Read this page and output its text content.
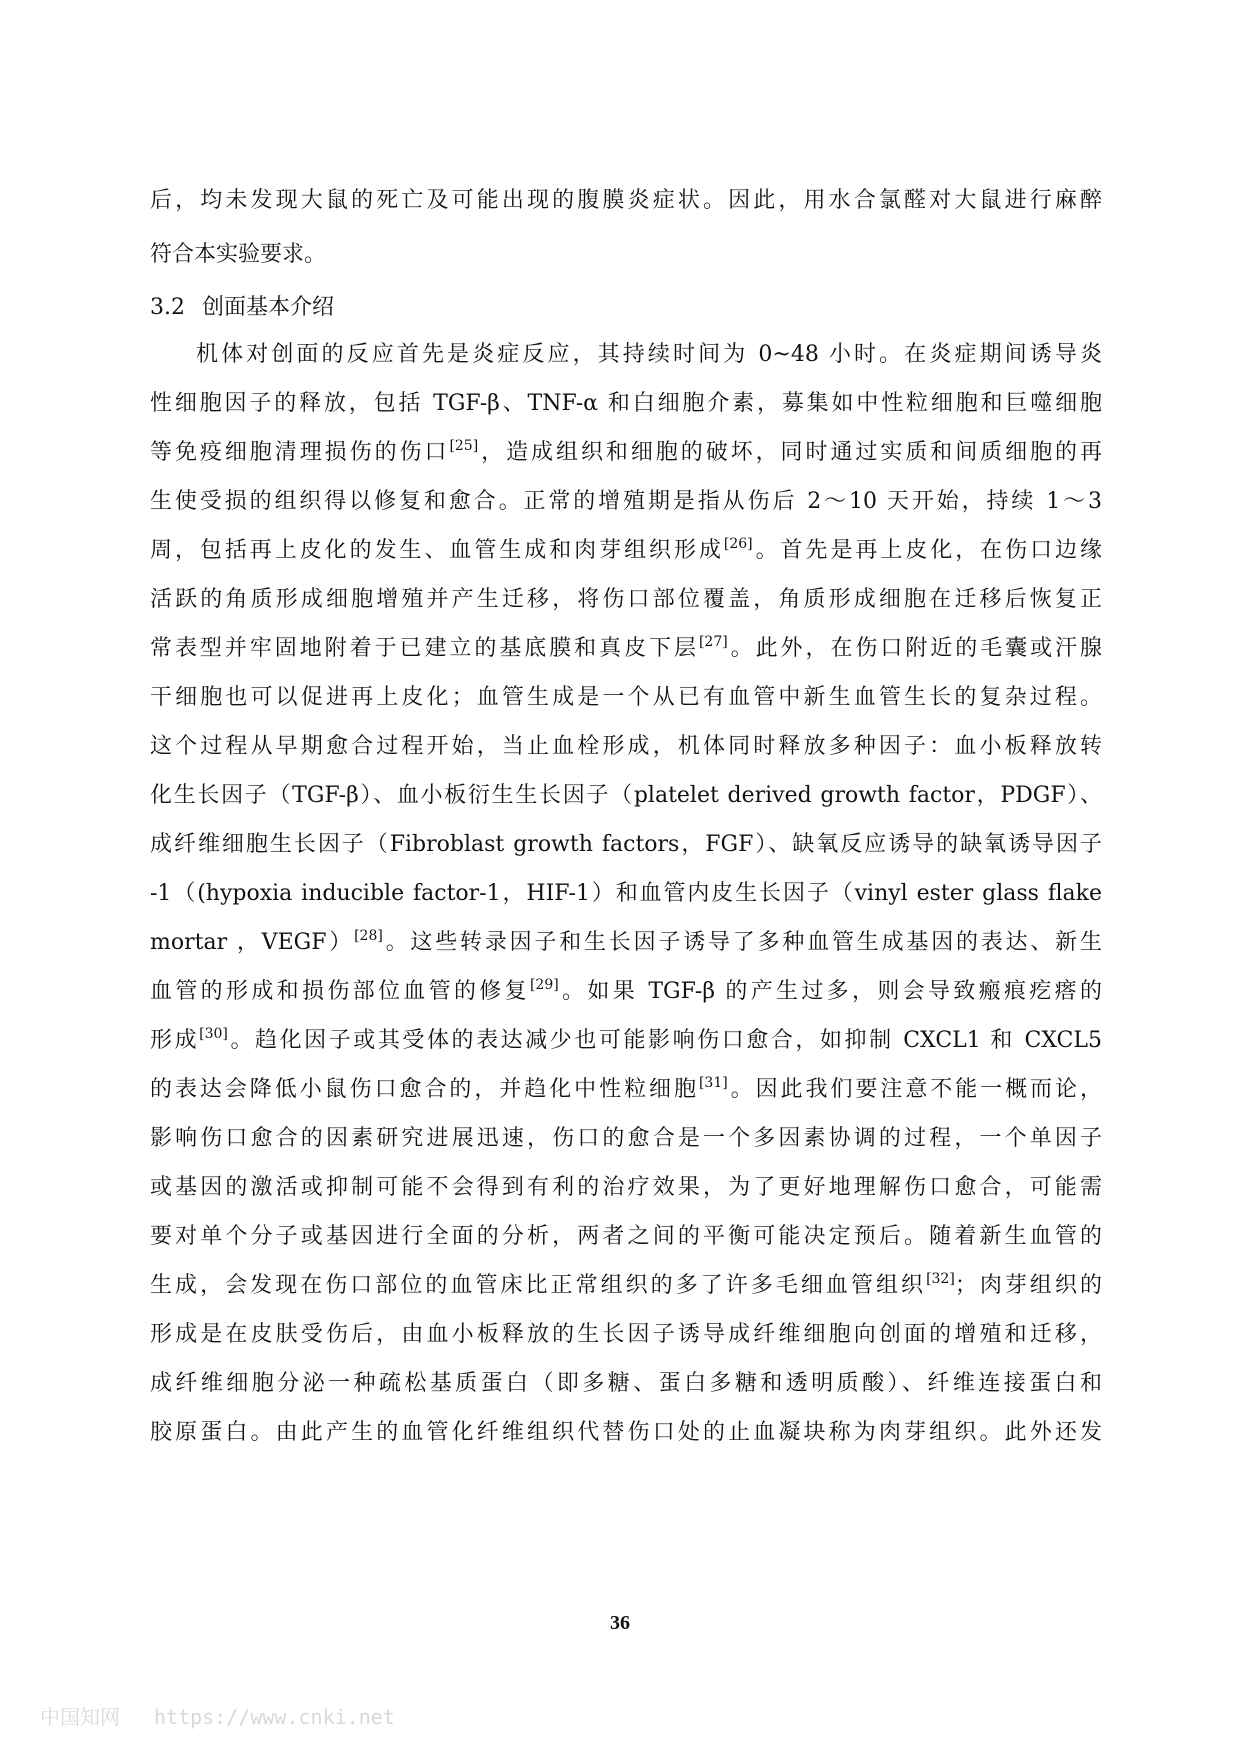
后，均未发现大鼠的死亡及可能出现的腹膜炎症状。因此，用水合氯醛对大鼠进行麻醉
符合本实验要求。
3.2 创面基本介绍
机体对创面的反应首先是炎症反应，其持续时间为 0~48 小时。在炎症期间诱导炎
性细胞因子的释放，包括 TGF-β、TNF-α 和白细胞介素，募集如中性粒细胞和巨噬细胞
等免疫细胞清理损伤的伤口[25]，造成组织和细胞的破坏，同时通过实质和间质细胞的再
生使受损的组织得以修复和愈合。正常的增殖期是指从伤后 2～10 天开始，持续 1～3
周，包括再上皮化的发生、血管生成和肉芽组织形成[26]。首先是再上皮化，在伤口边缘
活跃的角质形成细胞增殖并产生迁移，将伤口部位覆盖，角质形成细胞在迁移后恢复正
常表型并牢固地附着于已建立的基底膜和真皮下层[27]。此外，在伤口附近的毛囊或汗腺
干细胞也可以促进再上皮化；血管生成是一个从已有血管中新生血管生长的复杂过程。
这个过程从早期愈合过程开始，当止血栓形成，机体同时释放多种因子：血小板释放转
化生长因子（TGF-β）、血小板衍生生长因子（platelet derived growth factor，PDGF）、
成纤维细胞生长因子（Fibroblast growth factors，FGF）、缺氧反应诱导的缺氧诱导因子
-1（(hypoxia inducible factor-1，HIF-1）和血管内皮生长因子（vinyl ester glass flake
mortar ，VEGF）[28]。这些转录因子和生长因子诱导了多种血管生成基因的表达、新生
血管的形成和损伤部位血管的修复[29]。如果 TGF-β 的产生过多，则会导致瘢痕疙瘩的
形成[30]。趋化因子或其受体的表达减少也可能影响伤口愈合，如抑制 CXCL1 和 CXCL5
的表达会降低小鼠伤口愈合的，并趋化中性粒细胞[31]。因此我们要注意不能一概而论，
影响伤口愈合的因素研究进展迅速，伤口的愈合是一个多因素协调的过程，一个单因子
或基因的激活或抑制可能不会得到有利的治疗效果，为了更好地理解伤口愈合，可能需
要对单个分子或基因进行全面的分析，两者之间的平衡可能决定预后。随着新生血管的
生成，会发现在伤口部位的血管床比正常组织的多了许多毛细血管组织[32]；肉芽组织的
形成是在皮肤受伤后，由血小板释放的生长因子诱导成纤维细胞向创面的增殖和迁移，
成纤维细胞分泌一种疏松基质蛋白（即多糖、蛋白多糖和透明质酸）、纤维连接蛋白和
胶原蛋白。由此产生的血管化纤维组织代替伤口处的止血凝块称为肉芽组织。此外还发
36
中国知网 https://www.cnki.net
